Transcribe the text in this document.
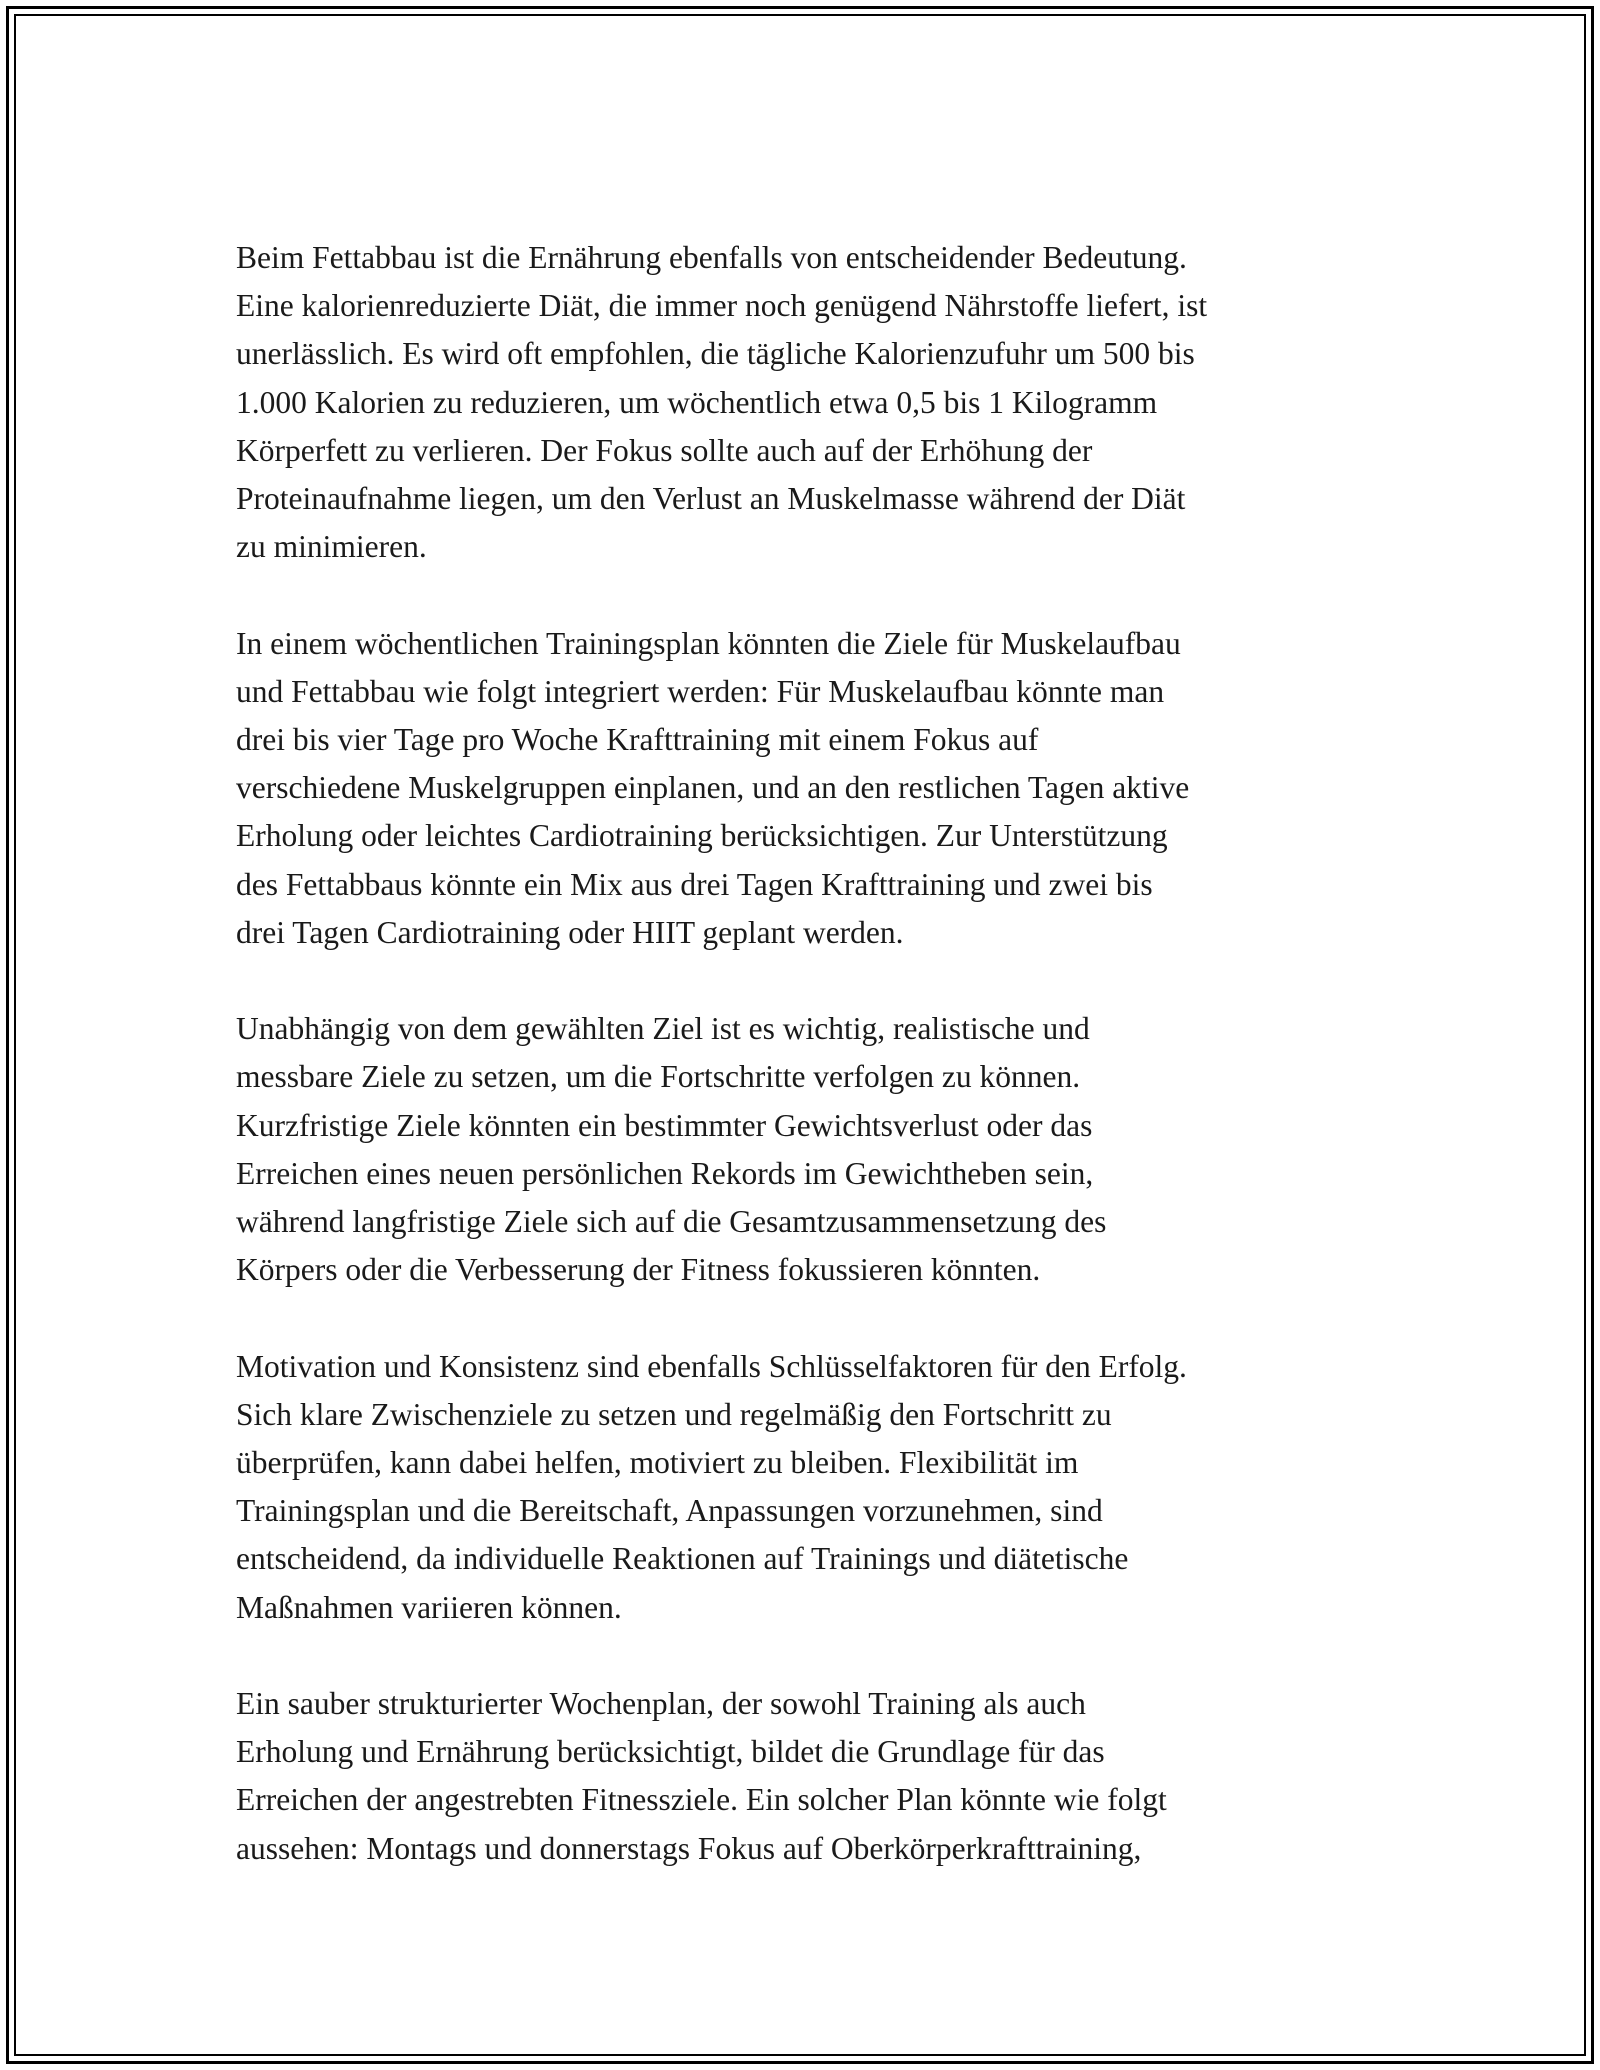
Beim Fettabbau ist die Ernährung ebenfalls von entscheidender Bedeutung.
Eine kalorienreduzierte Diät, die immer noch genügend Nährstoffe liefert, ist
unerlässlich. Es wird oft empfohlen, die tägliche Kalorienzufuhr um 500 bis
1.000 Kalorien zu reduzieren, um wöchentlich etwa 0,5 bis 1 Kilogramm
Körperfett zu verlieren. Der Fokus sollte auch auf der Erhöhung der
Proteinaufnahme liegen, um den Verlust an Muskelmasse während der Diät
zu minimieren.

In einem wöchentlichen Trainingsplan könnten die Ziele für Muskelaufbau
und Fettabbau wie folgt integriert werden: Für Muskelaufbau könnte man
drei bis vier Tage pro Woche Krafttraining mit einem Fokus auf
verschiedene Muskelgruppen einplanen, und an den restlichen Tagen aktive
Erholung oder leichtes Cardiotraining berücksichtigen. Zur Unterstützung
des Fettabbaus könnte ein Mix aus drei Tagen Krafttraining und zwei bis
drei Tagen Cardiotraining oder HIIT geplant werden.

Unabhängig von dem gewählten Ziel ist es wichtig, realistische und
messbare Ziele zu setzen, um die Fortschritte verfolgen zu können.
Kurzfristige Ziele könnten ein bestimmter Gewichtsverlust oder das
Erreichen eines neuen persönlichen Rekords im Gewichtheben sein,
während langfristige Ziele sich auf die Gesamtzusammensetzung des
Körpers oder die Verbesserung der Fitness fokussieren könnten.

Motivation und Konsistenz sind ebenfalls Schlüsselfaktoren für den Erfolg.
Sich klare Zwischenziele zu setzen und regelmäßig den Fortschritt zu
überprüfen, kann dabei helfen, motiviert zu bleiben. Flexibilität im
Trainingsplan und die Bereitschaft, Anpassungen vorzunehmen, sind
entscheidend, da individuelle Reaktionen auf Trainings und diätetische
Maßnahmen variieren können.

Ein sauber strukturierter Wochenplan, der sowohl Training als auch
Erholung und Ernährung berücksichtigt, bildet die Grundlage für das
Erreichen der angestrebten Fitnessziele. Ein solcher Plan könnte wie folgt
aussehen: Montags und donnerstags Fokus auf Oberkörperkrafttraining,
